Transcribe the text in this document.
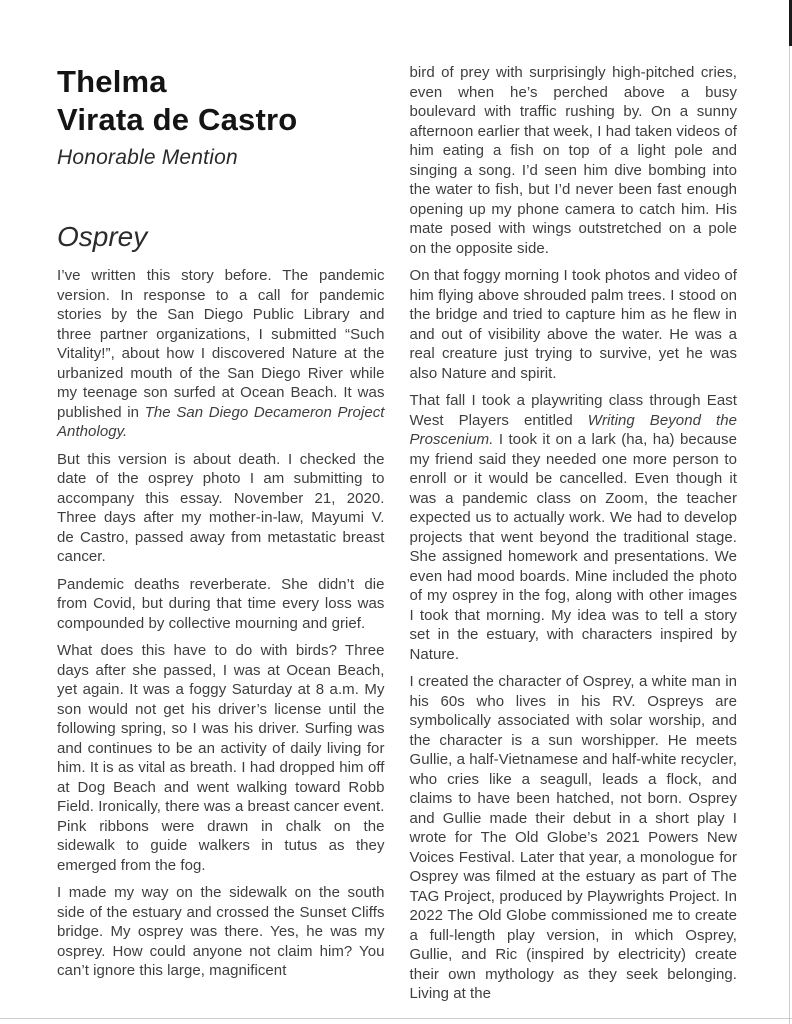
Thelma
Virata de Castro
Honorable Mention
Osprey

I’ve written this story before. The pandemic version. In response to a call for pandemic stories by the San Diego Public Library and three partner organizations, I submitted “Such Vitality!”, about how I discovered Nature at the urbanized mouth of the San Diego River while my teenage son surfed at Ocean Beach. It was published in The San Diego Decameron Project Anthology.

But this version is about death. I checked the date of the osprey photo I am submitting to accompany this essay. November 21, 2020. Three days after my mother-in-law, Mayumi V. de Castro, passed away from metastatic breast cancer.

Pandemic deaths reverberate. She didn’t die from Covid, but during that time every loss was compounded by collective mourning and grief.

What does this have to do with birds? Three days after she passed, I was at Ocean Beach, yet again. It was a foggy Saturday at 8 a.m. My son would not get his driver’s license until the following spring, so I was his driver. Surfing was and continues to be an activity of daily living for him. It is as vital as breath. I had dropped him off at Dog Beach and went walking toward Robb Field. Ironically, there was a breast cancer event. Pink ribbons were drawn in chalk on the sidewalk to guide walkers in tutus as they emerged from the fog.

I made my way on the sidewalk on the south side of the estuary and crossed the Sunset Cliffs bridge. My osprey was there. Yes, he was my osprey. How could anyone not claim him? You can’t ignore this large, magnificent

bird of prey with surprisingly high-pitched cries, even when he’s perched above a busy boulevard with traffic rushing by. On a sunny afternoon earlier that week, I had taken videos of him eating a fish on top of a light pole and singing a song. I’d seen him dive bombing into the water to fish, but I’d never been fast enough opening up my phone camera to catch him. His mate posed with wings outstretched on a pole on the opposite side.

On that foggy morning I took photos and video of him flying above shrouded palm trees. I stood on the bridge and tried to capture him as he flew in and out of visibility above the water. He was a real creature just trying to survive, yet he was also Nature and spirit.

That fall I took a playwriting class through East West Players entitled Writing Beyond the Proscenium. I took it on a lark (ha, ha) because my friend said they needed one more person to enroll or it would be cancelled. Even though it was a pandemic class on Zoom, the teacher expected us to actually work. We had to develop projects that went beyond the traditional stage. She assigned homework and presentations. We even had mood boards. Mine included the photo of my osprey in the fog, along with other images I took that morning. My idea was to tell a story set in the estuary, with characters inspired by Nature.

I created the character of Osprey, a white man in his 60s who lives in his RV. Ospreys are symbolically associated with solar worship, and the character is a sun worshipper. He meets Gullie, a half-Vietnamese and half-white recycler, who cries like a seagull, leads a flock, and claims to have been hatched, not born. Osprey and Gullie made their debut in a short play I wrote for The Old Globe’s 2021 Powers New Voices Festival. Later that year, a monologue for Osprey was filmed at the estuary as part of The TAG Project, produced by Playwrights Project. In 2022 The Old Globe commissioned me to create a full-length play version, in which Osprey, Gullie, and Ric (inspired by electricity) create their own mythology as they seek belonging. Living at the
